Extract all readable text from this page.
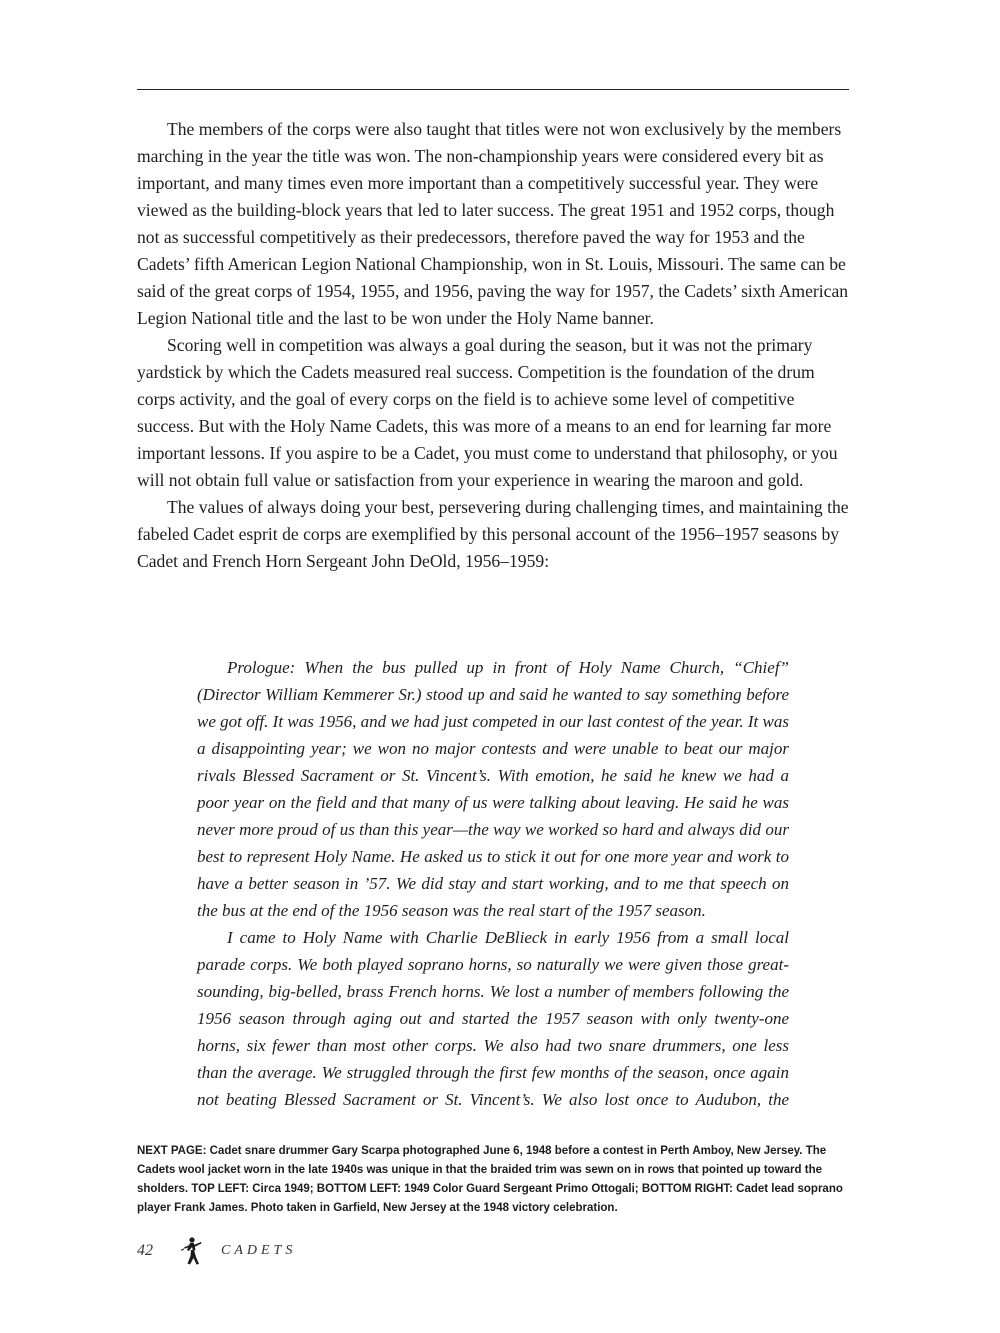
The members of the corps were also taught that titles were not won exclusively by the members marching in the year the title was won. The non-championship years were considered every bit as important, and many times even more important than a competitively successful year. They were viewed as the building-block years that led to later success. The great 1951 and 1952 corps, though not as successful competitively as their predecessors, therefore paved the way for 1953 and the Cadets’ fifth American Legion National Championship, won in St. Louis, Missouri. The same can be said of the great corps of 1954, 1955, and 1956, paving the way for 1957, the Cadets’ sixth American Legion National title and the last to be won under the Holy Name banner.

Scoring well in competition was always a goal during the season, but it was not the primary yardstick by which the Cadets measured real success. Competition is the foundation of the drum corps activity, and the goal of every corps on the field is to achieve some level of competitive success. But with the Holy Name Cadets, this was more of a means to an end for learning far more important lessons. If you aspire to be a Cadet, you must come to understand that philosophy, or you will not obtain full value or satisfaction from your experience in wearing the maroon and gold.

The values of always doing your best, persevering during challenging times, and maintaining the fabeled Cadet esprit de corps are exemplified by this personal account of the 1956–1957 seasons by Cadet and French Horn Sergeant John DeOld, 1956–1959:

Prologue: When the bus pulled up in front of Holy Name Church, “Chief” (Director William Kemmerer Sr.) stood up and said he wanted to say something before we got off. It was 1956, and we had just competed in our last contest of the year. It was a disappointing year; we won no major contests and were unable to beat our major rivals Blessed Sacrament or St. Vincent’s. With emotion, he said he knew we had a poor year on the field and that many of us were talking about leaving. He said he was never more proud of us than this year—the way we worked so hard and always did our best to represent Holy Name. He asked us to stick it out for one more year and work to have a better season in ’57. We did stay and start working, and to me that speech on the bus at the end of the 1956 season was the real start of the 1957 season.

I came to Holy Name with Charlie DeBlieck in early 1956 from a small local parade corps. We both played soprano horns, so naturally we were given those great-sounding, big-belled, brass French horns. We lost a number of members following the 1956 season through aging out and started the 1957 season with only twenty-one horns, six fewer than most other corps. We also had two snare drummers, one less than the average. We struggled through the first few months of the season, once again not beating Blessed Sacrament or St. Vincent’s. We also lost once to Audubon, the

NEXT PAGE: Cadet snare drummer Gary Scarpa photographed June 6, 1948 before a contest in Perth Amboy, New Jersey. The Cadets wool jacket worn in the late 1940s was unique in that the braided trim was sewn on in rows that pointed up toward the sholders. TOP LEFT: Circa 1949; BOTTOM LEFT: 1949 Color Guard Sergeant Primo Ottogali; BOTTOM RIGHT: Cadet lead soprano player Frank James. Photo taken in Garfield, New Jersey at the 1948 victory celebration.
42	CADETS
